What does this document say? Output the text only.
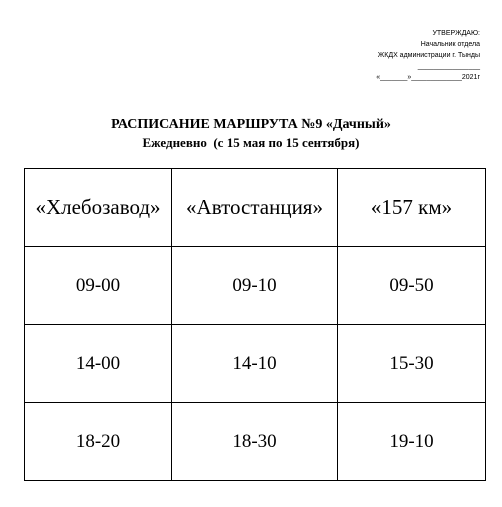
УТВЕРЖДАЮ:
Начальник отдела
ЖКДХ администрации г. Тынды
________________
«_______»_____________2021г
РАСПИСАНИЕ МАРШРУТА №9 «Дачный»
Ежедневно  (с 15 мая по 15 сентября)
«Хлебозавод»	«Автостанция»	«157 км»
09-00	09-10	09-50
14-00	14-10	15-30
18-20	18-30	19-10
